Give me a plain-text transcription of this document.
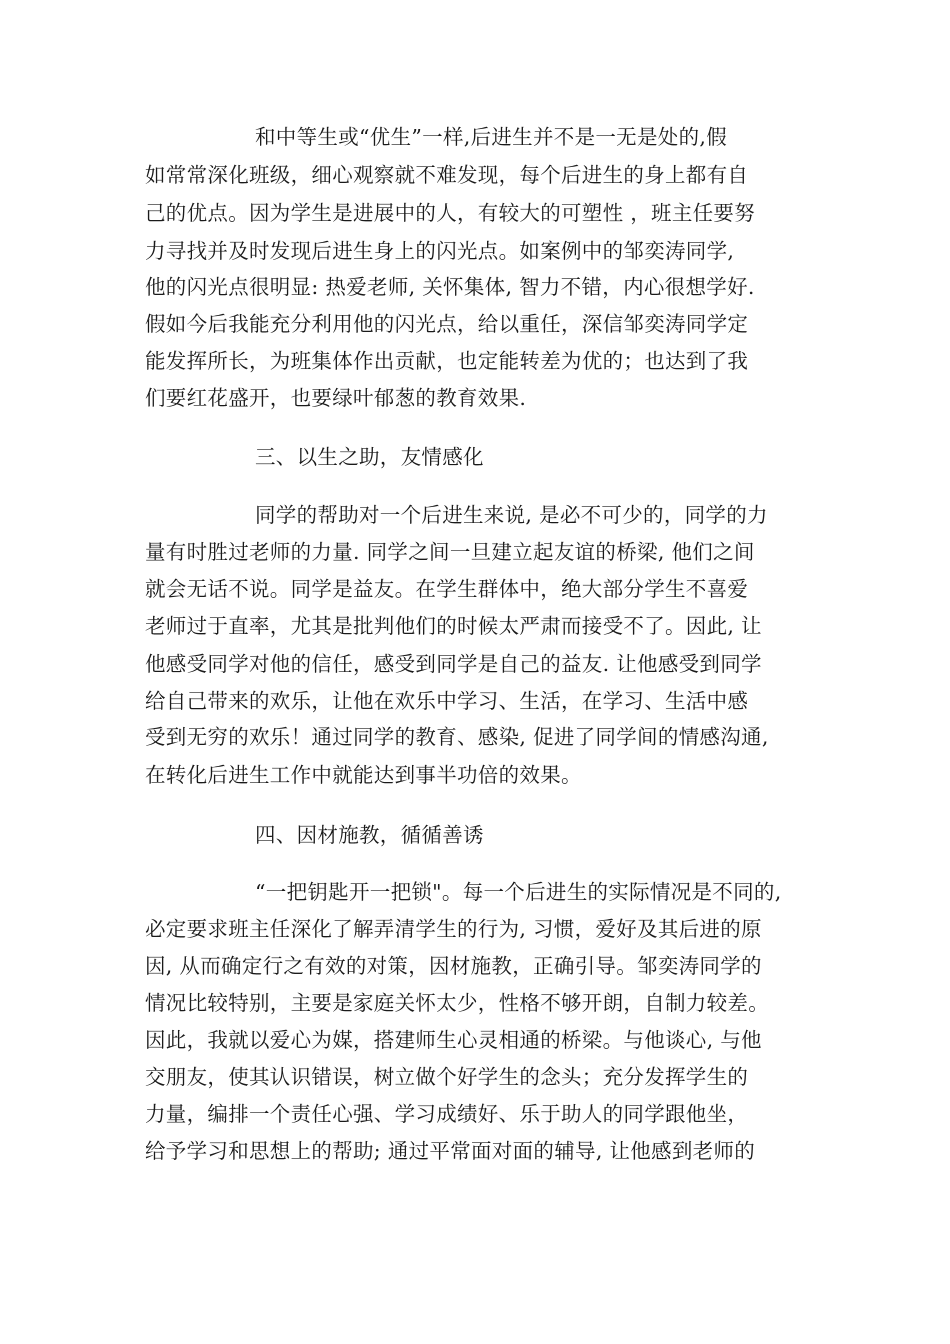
和中等生或“优生”一样,后进生并不是一无是处的,假

如常常深化班级，细心观察就不难发现，每个后进生的身上都有自

己的优点。因为学生是进展中的人，有较大的可塑性 ，班主任要努

力寻找并及时发现后进生身上的闪光点。如案例中的邹奕涛同学,

他的闪光点很明显: 热爱老师, 关怀集体, 智力不错，内心很想学好.

假如今后我能充分利用他的闪光点，给以重任，深信邹奕涛同学定

能发挥所长，为班集体作出贡献，也定能转差为优的；也达到了我

们要红花盛开，也要绿叶郁葱的教育效果.

三、以生之助，友情感化

同学的帮助对一个后进生来说, 是必不可少的，同学的力

量有时胜过老师的力量. 同学之间一旦建立起友谊的桥梁, 他们之间

就会无话不说。同学是益友。在学生群体中，绝大部分学生不喜爱

老师过于直率，尤其是批判他们的时候太严肃而接受不了。因此, 让

他感受同学对他的信任，感受到同学是自己的益友. 让他感受到同学

给自己带来的欢乐，让他在欢乐中学习、生活，在学习、生活中感

受到无穷的欢乐！通过同学的教育、感染, 促进了同学间的情感沟通,

在转化后进生工作中就能达到事半功倍的效果。

四、因材施教，循循善诱

“一把钥匙开一把锁"。每一个后进生的实际情况是不同的,

必定要求班主任深化了解弄清学生的行为, 习惯，爱好及其后进的原

因, 从而确定行之有效的对策，因材施教，正确引导。邹奕涛同学的

情况比较特别，主要是家庭关怀太少，性格不够开朗，自制力较差。

因此，我就以爱心为媒，搭建师生心灵相通的桥梁。与他谈心, 与他

交朋友，使其认识错误，树立做个好学生的念头；充分发挥学生的

力量，编排一个责任心强、学习成绩好、乐于助人的同学跟他坐，

给予学习和思想上的帮助; 通过平常面对面的辅导, 让他感到老师的
